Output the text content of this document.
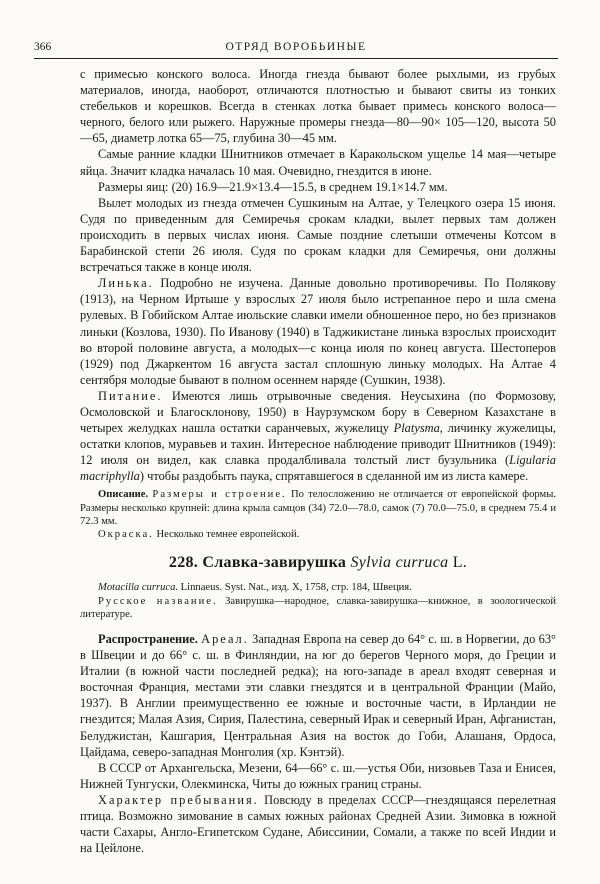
366	ОТРЯД ВОРОБЬИНЫЕ

с примесью конского волоса. Иногда гнезда бывают более рыхлыми, из грубых материалов, иногда, наоборот, отличаются плотностью и бывают свиты из тонких стебельков и корешков. Всегда в стенках лотка бывает примесь конского волоса—черного, белого или рыжего. Наружные промеры гнезда—80—90× 105—120, высота 50—65, диаметр лотка 65—75, глубина 30—45 мм.

Самые ранние кладки Шнитников отмечает в Каракольском ущелье 14 мая—четыре яйца. Значит кладка началась 10 мая. Очевидно, гнездится в июне.

Размеры яиц: (20) 16.9—21.9×13.4—15.5, в среднем 19.1×14.7 мм.

Вылет молодых из гнезда отмечен Сушкиным на Алтае, у Телецкого озера 15 июня. Судя по приведенным для Семиречья срокам кладки, вылет первых там должен происходить в первых числах июня. Самые поздние слетыши отмечены Котсом в Барабинской степи 26 июля. Судя по срокам кладки для Семиречья, они должны встречаться также в конце июля.

Линька. Подробно не изучена. Данные довольно противоречивы. По Полякову (1913), на Черном Иртыше у взрослых 27 июля было истрепанное перо и шла смена рулевых. В Гобийском Алтае июльские славки имели обношенное перо, но без признаков линьки (Козлова, 1930). По Иванову (1940) в Таджикистане линька взрослых происходит во второй половине августа, а молодых—с конца июля по конец августа. Шестоперов (1929) под Джаркентом 16 августа застал сплошную линьку молодых. На Алтае 4 сентября молодые бывают в полном осеннем наряде (Сушкин, 1938).

Питание. Имеются лишь отрывочные сведения. Неусыхина (по Формозову, Осмоловской и Благосклонову, 1950) в Наурзумском бору в Северном Казахстане в четырех желудках нашла остатки саранчевых, жужелицу Platysma, личинку жужелицы, остатки клопов, муравьев и тахин. Интересное наблюдение приводит Шнитников (1949): 12 июля он видел, как славка продалбливала толстый лист бузульника (Ligularia macriphylla) чтобы раздобыть паука, спрятавшегося в сделанной им из листа камере.

Описание. Размеры и строение. По телосложению не отличается от европейской формы. Размеры несколько крупней: длина крыла самцов (34) 72.0—78.0, самок (7) 70.0—75.0, в среднем 75.4 и 72.3 мм.

Окраска. Несколько темнее европейской.

228. Славка-завирушка Sylvia curruca L.

Motacilla curruca. Linnaeus. Syst. Nat., изд. X, 1758, стр. 184, Швеция.

Русское название. Завирушка—народное, славка-завирушка—книжное, в зоологической литературе.

Распространение. Ареал. Западная Европа на север до 64° с. ш. в Норвегии, до 63° в Швеции и до 66° с. ш. в Финляндии, на юг до берегов Черного моря, до Греции и Италии (в южной части последней редка); на юго-западе в ареал входят северная и восточная Франция, местами эти славки гнездятся и в центральной Франции (Майо, 1937). В Англии преимущественно ее южные и восточные части, в Ирландии не гнездится; Малая Азия, Сирия, Палестина, северный Ирак и северный Иран, Афганистан, Белуджистан, Кашгария, Центральная Азия на восток до Гоби, Алашаня, Ордоса, Цайдама, северо-западная Монголия (хр. Кэнтэй).

В СССР от Архангельска, Мезени, 64—66° с. ш.—устья Оби, низовьев Таза и Енисея, Нижней Тунгуски, Олекминска, Читы до южных границ страны.

Характер пребывания. Повсюду в пределах СССР—гнездящаяся перелетная птица. Возможно зимование в самых южных районах Средней Азии. Зимовка в южной части Сахары, Англо-Египетском Судане, Абиссинии, Сомали, а также по всей Индии и на Цейлоне.
